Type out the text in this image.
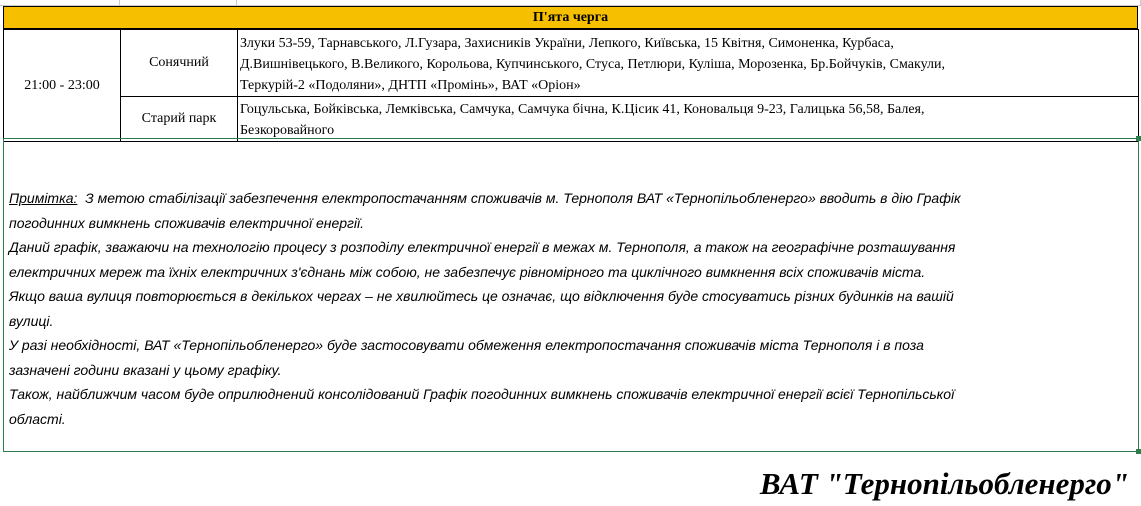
П'ята черга
21:00 - 23:00	Сонячний	Злуки 53-59, Тарнавського, Л.Гузара, Захисників України, Лепкого, Київська, 15 Квітня, Симоненка, Курбаса,
Д.Вишнівецького, В.Великого, Корольова, Купчинського, Стуса, Петлюри, Куліша, Морозенка, Бр.Бойчуків, Смакули,
Теркурій-2 «Подоляни», ДНТП «Промінь», ВАТ «Оріон»

	Старий парк	Гоцульська, Бойківська, Лемківська, Самчука, Самчука бічна, К.Цісик 41, Коновальця 9-23, Галицька 56,58, Балея,
Безкоровайного
Примітка: З метою стабілізації забезпечення електропостачанням споживачів м. Тернополя ВАТ «Тернопільобленерго» вводить в дію Графік
погодинних вимкнень споживачів електричної енергії.
Даний графік, зважаючи на технологію процесу з розподілу електричної енергії в межах м. Тернополя, а також на географічне розташування
електричних мереж та їхніх електричних з'єднань між собою, не забезпечує рівномірного та циклічного вимкнення всіх споживачів міста.
Якщо ваша вулиця повторюється в декількох чергах – не хвилюйтесь це означає, що відключення буде стосуватись різних будинків на вашій
вулиці.
У разі необхідності, ВАТ «Тернопільобленерго» буде застосовувати обмеження електропостачання споживачів міста Тернополя і в поза
зазначені години вказані у цьому графіку.
Також, найближчим часом буде оприлюднений консолідований Графік погодинних вимкнень споживачів електричної енергії всієї Тернопільської
області.
ВАТ "Тернопільобленерго"
